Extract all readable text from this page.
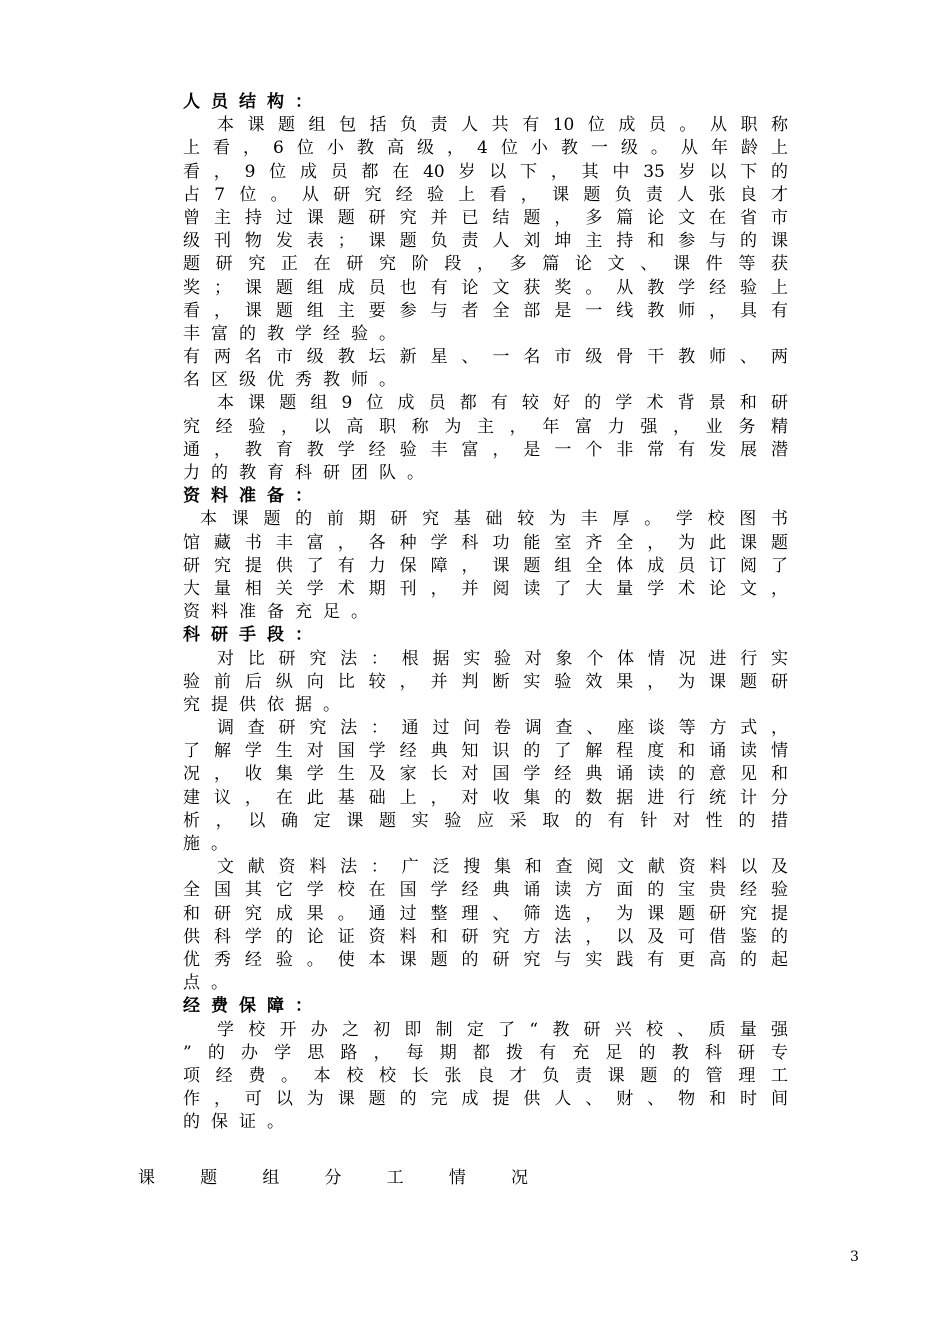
人员结构：
本课题组包括负责人共有10位成员。从职称
上看，6位小教高级，4位小教一级。从年龄上
看，9位成员都在40岁以下，其中35岁以下的
占7位。从研究经验上看，课题负责人张良才
曾主持过课题研究并已结题，多篇论文在省市
级刊物发表；课题负责人刘坤主持和参与的课
题研究正在研究阶段，多篇论文、课件等获
奖；课题组成员也有论文获奖。从教学经验上
看，课题组主要参与者全部是一线教师，具有
丰富的教学经验。
有两名市级教坛新星、一名市级骨干教师、两
名区级优秀教师。
本课题组9位成员都有较好的学术背景和研
究经验，以高职称为主，年富力强，业务精
通，教育教学经验丰富，是一个非常有发展潜
力的教育科研团队。
资料准备：
本课题的前期研究基础较为丰厚。学校图书
馆藏书丰富，各种学科功能室齐全，为此课题
研究提供了有力保障，课题组全体成员订阅了
大量相关学术期刊，并阅读了大量学术论文，
资料准备充足。
科研手段：
对比研究法：根据实验对象个体情况进行实
验前后纵向比较，并判断实验效果，为课题研
究提供依据。
调查研究法：通过问卷调查、座谈等方式，
了解学生对国学经典知识的了解程度和诵读情
况，收集学生及家长对国学经典诵读的意见和
建议，在此基础上，对收集的数据进行统计分
析，以确定课题实验应采取的有针对性的措
施。
文献资料法：广泛搜集和查阅文献资料以及
全国其它学校在国学经典诵读方面的宝贵经验
和研究成果。通过整理、筛选，为课题研究提
供科学的论证资料和研究方法，以及可借鉴的
优秀经验。使本课题的研究与实践有更高的起
点。
经费保障：
学校开办之初即制定了“教研兴校、质量强
”的办学思路，每期都拨有充足的教科研专
项经费。本校校长张良才负责课题的管理工
作，可以为课题的完成提供人、财、物和时间
的保证。
课	题	组	分	工	情	况
3
